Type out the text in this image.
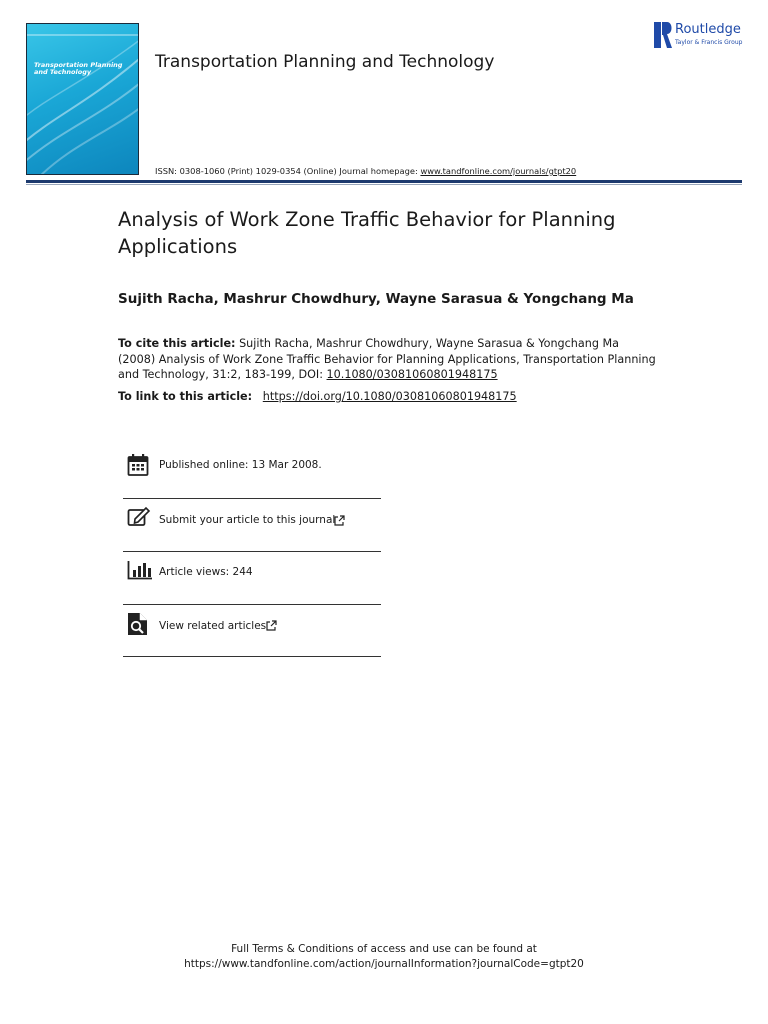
Transportation Planning
and Technology	Transportation Planning and Technology
Routledge
Taylor & Francis Group
ISSN: 0308-1060 (Print) 1029-0354 (Online) Journal homepage: www.tandfonline.com/journals/gtpt20
Analysis of Work Zone Traffic Behavior for Planning Applications
Sujith Racha, Mashrur Chowdhury, Wayne Sarasua & Yongchang Ma
To cite this article: Sujith Racha, Mashrur Chowdhury, Wayne Sarasua & Yongchang Ma (2008) Analysis of Work Zone Traffic Behavior for Planning Applications, Transportation Planning and Technology, 31:2, 183-199, DOI: 10.1080/03081060801948175
To link to this article: https://doi.org/10.1080/03081060801948175
Published online: 13 Mar 2008.
Submit your article to this journal
Article views: 244
View related articles
Full Terms & Conditions of access and use can be found at
https://www.tandfonline.com/action/journalInformation?journalCode=gtpt20
